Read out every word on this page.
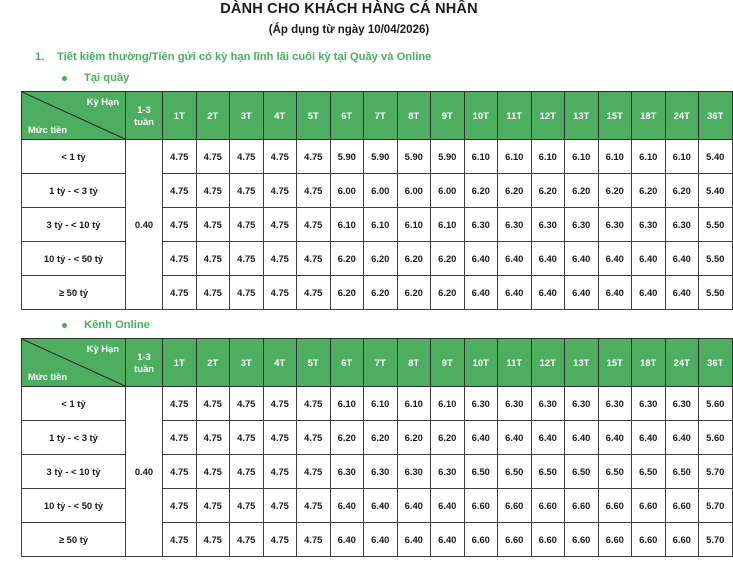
DÀNH CHO KHÁCH HÀNG CÁ NHÂN
(Áp dụng từ ngày 10/04/2026)
1.	Tiết kiệm thường/Tiền gửi có kỳ hạn lĩnh lãi cuối kỳ tại Quầy và Online
Tại quầy
Kỳ Hạn
Mức tiền

1-3
tuần	1T	2T	3T	4T	5T	6T	7T	8T	9T	10T	11T	12T	13T	15T	18T	24T	36T
< 1 tỷ	0.40	4.75	4.75	4.75	4.75	4.75	5.90	5.90	5.90	5.90	6.10	6.10	6.10	6.10	6.10	6.10	6.10	5.40
1 tỷ - < 3 tỷ		4.75	4.75	4.75	4.75	4.75	6.00	6.00	6.00	6.00	6.20	6.20	6.20	6.20	6.20	6.20	6.20	5.40
3 tỷ - < 10 tỷ		4.75	4.75	4.75	4.75	4.75	6.10	6.10	6.10	6.10	6.30	6.30	6.30	6.30	6.30	6.30	6.30	5.50
10 tỷ - < 50 tỷ		4.75	4.75	4.75	4.75	4.75	6.20	6.20	6.20	6.20	6.40	6.40	6.40	6.40	6.40	6.40	6.40	5.50
≥ 50 tỷ		4.75	4.75	4.75	4.75	4.75	6.20	6.20	6.20	6.20	6.40	6.40	6.40	6.40	6.40	6.40	6.40	5.50
Kênh Online
Kỳ Hạn
Mức tiền

1-3
tuần	1T	2T	3T	4T	5T	6T	7T	8T	9T	10T	11T	12T	13T	15T	18T	24T	36T
< 1 tỷ	0.40	4.75	4.75	4.75	4.75	4.75	6.10	6.10	6.10	6.10	6.30	6.30	6.30	6.30	6.30	6.30	6.30	5.60
1 tỷ - < 3 tỷ		4.75	4.75	4.75	4.75	4.75	6.20	6.20	6.20	6.20	6.40	6.40	6.40	6.40	6.40	6.40	6.40	5.60
3 tỷ - < 10 tỷ		4.75	4.75	4.75	4.75	4.75	6.30	6.30	6.30	6.30	6.50	6.50	6.50	6.50	6.50	6.50	6.50	5.70
10 tỷ - < 50 tỷ		4.75	4.75	4.75	4.75	4.75	6.40	6.40	6.40	6.40	6.60	6.60	6.60	6.60	6.60	6.60	6.60	5.70
≥ 50 tỷ		4.75	4.75	4.75	4.75	4.75	6.40	6.40	6.40	6.40	6.60	6.60	6.60	6.60	6.60	6.60	6.60	5.70
